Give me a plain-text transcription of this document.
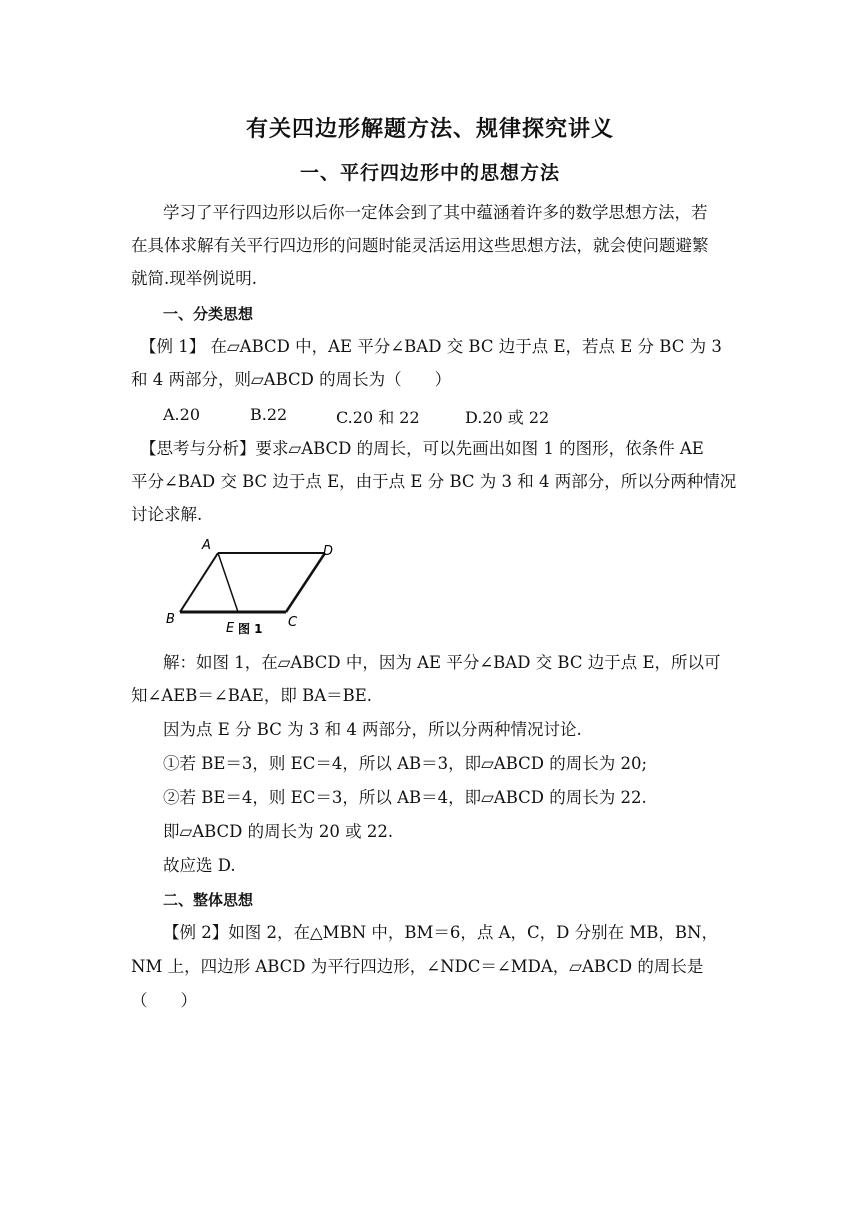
有关四边形解题方法、规律探究讲义
一、平行四边形中的思想方法
学习了平行四边形以后你一定体会到了其中蕴涵着许多的数学思想方法，若
在具体求解有关平行四边形的问题时能灵活运用这些思想方法，就会使问题避繁
就简.现举例说明.
一、分类思想
【例 1】 在▱ABCD 中，AE 平分∠BAD 交 BC 边于点 E，若点 E 分 BC 为 3
和 4 两部分，则▱ABCD 的周长为（　　）
A.20	B.22	C.20 和 22	D.20 或 22
【思考与分析】要求▱ABCD 的周长，可以先画出如图 1 的图形，依条件 AE
平分∠BAD 交 BC 边于点 E，由于点 E 分 BC 为 3 和 4 两部分，所以分两种情况
讨论求解.
A	D
B
E	C
图 1
解：如图 1，在▱ABCD 中，因为 AE 平分∠BAD 交 BC 边于点 E，所以可
知∠AEB＝∠BAE，即 BA＝BE.
因为点 E 分 BC 为 3 和 4 两部分，所以分两种情况讨论.
①若 BE＝3，则 EC＝4，所以 AB＝3，即▱ABCD 的周长为 20;
②若 BE＝4，则 EC＝3，所以 AB＝4，即▱ABCD 的周长为 22.
即▱ABCD 的周长为 20 或 22.
故应选 D.
二、整体思想
【例 2】如图 2，在△MBN 中，BM＝6，点 A，C，D 分别在 MB，BN，
NM 上，四边形 ABCD 为平行四边形，∠NDC＝∠MDA，▱ABCD 的周长是
（　　）
